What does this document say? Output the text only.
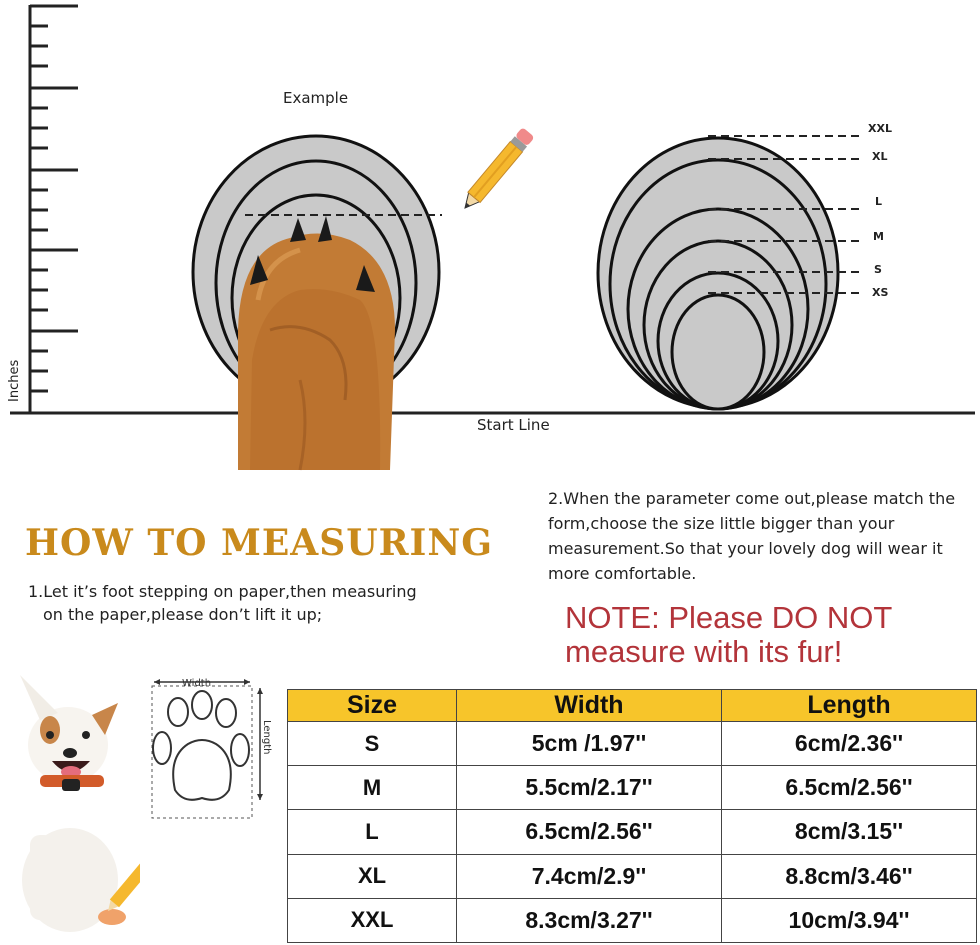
Inches
Start Line
Example
XXL
XL
L
M
S
XS
HOW TO MEASURING
1.Let it’s foot stepping on paper,then measuring
on the paper,please don’t lift it up;
2.When the parameter come out,please match the form,choose the size little bigger than your measurement.So that your lovely dog will wear it more comfortable.
NOTE: Please DO NOT measure with its fur!
Width
Length
Size	Width	Length
S	5cm /1.97''	6cm/2.36''
M	5.5cm/2.17''	6.5cm/2.56''
L	6.5cm/2.56''	8cm/3.15''
XL	7.4cm/2.9''	8.8cm/3.46''
XXL	8.3cm/3.27''	10cm/3.94''
